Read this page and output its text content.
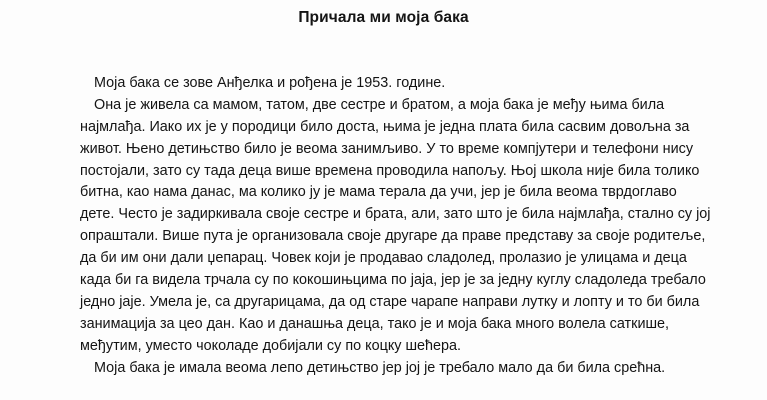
Причала ми моја бака
Моја бака се зове Анђелка и рођена је 1953. године.
Она је живела са мамом, татом, две сестре и братом, а моја бака је међу њима била
најмлађа. Иако их је у породици било доста, њима је једна плата била сасвим довољна за
живот. Њено детињство било је веома занимљиво. У то време компјутери и телефони нису
постојали, зато су тада деца више времена проводила напољу. Њој школа није била толико
битна, као нама данас, ма колико ју је мама терала да учи, јер је била веома тврдоглаво
дете. Често је задиркивала своје сестре и брата, али, зато што је била најмлађа, стално су јој
опраштали. Више пута је организовала своје другаре да праве представу за своје родитеље,
да би им они дали џепарац. Човек који је продавао сладолед, пролазио је улицама и деца
када би га видела трчала су по кокошињцима по јаја, јер је за једну куглу сладоледа требало
једно јаје. Умела је, са другарицама, да од старе чарапе направи лутку и лопту и то би била
занимација за цео дан. Као и данашња деца, тако је и моја бака много волела саткише,
међутим, уместо чоколаде добијали су по коцку шећера.
Моја бака је имала веома лепо детињство јер јој је требало мало да би била срећна.
